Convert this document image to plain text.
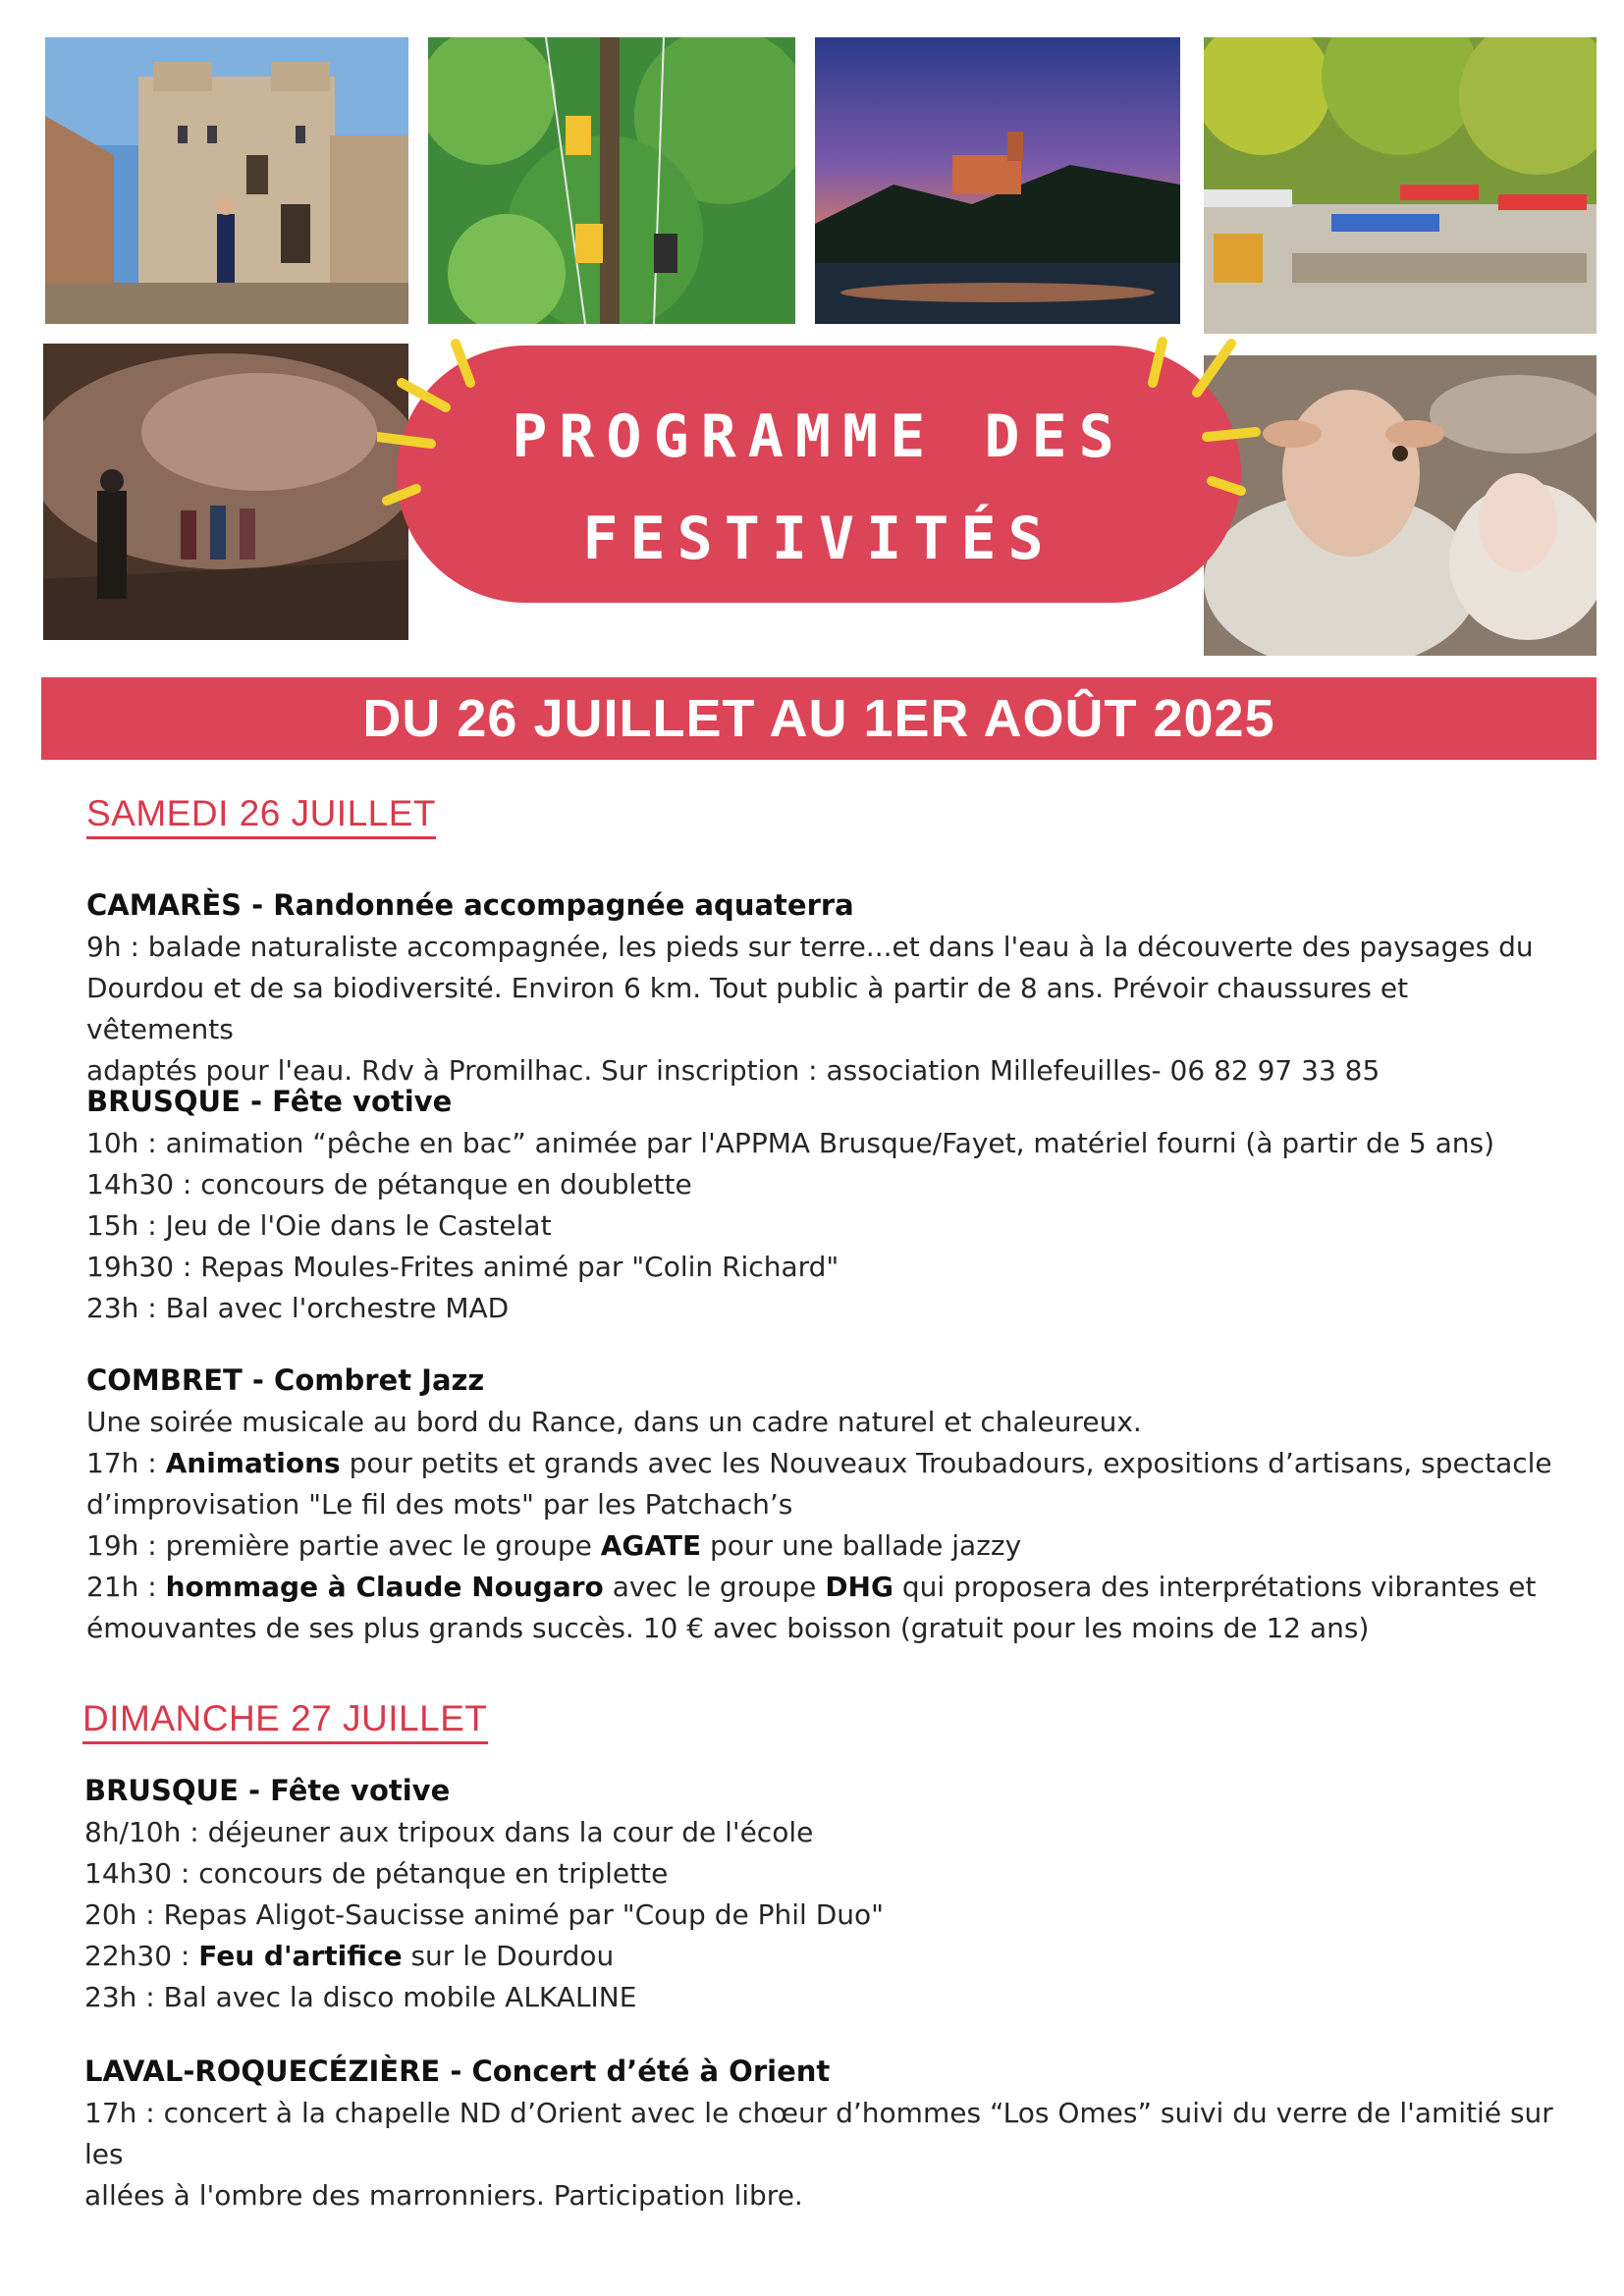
PROGRAMME DES
FESTIVITÉS
DU 26 JUILLET AU 1ER AOÛT 2025
SAMEDI 26 JUILLET
CAMARÈS - Randonnée accompagnée aquaterra
9h : balade naturaliste accompagnée, les pieds sur terre...et dans l'eau à la découverte des paysages du
Dourdou et de sa biodiversité. Environ 6 km. Tout public à partir de 8 ans. Prévoir chaussures et vêtements
adaptés pour l'eau. Rdv à Promilhac. Sur inscription : association Millefeuilles- 06 82 97 33 85
BRUSQUE - Fête votive
10h : animation “pêche en bac” animée par l'APPMA Brusque/Fayet, matériel fourni (à partir de 5 ans)
14h30 : concours de pétanque en doublette
15h : Jeu de l'Oie dans le Castelat
19h30 : Repas Moules-Frites animé par "Colin Richard"
23h : Bal avec l'orchestre MAD
COMBRET - Combret Jazz
Une soirée musicale au bord du Rance, dans un cadre naturel et chaleureux.
17h : Animations pour petits et grands avec les Nouveaux Troubadours, expositions d’artisans, spectacle
d’improvisation "Le fil des mots" par les Patchach’s
19h : première partie avec le groupe AGATE pour une ballade jazzy
21h : hommage à Claude Nougaro avec le groupe DHG qui proposera des interprétations vibrantes et
émouvantes de ses plus grands succès. 10 € avec boisson (gratuit pour les moins de 12 ans)
DIMANCHE 27 JUILLET
BRUSQUE - Fête votive
8h/10h : déjeuner aux tripoux dans la cour de l'école
14h30 : concours de pétanque en triplette
20h : Repas Aligot-Saucisse animé par "Coup de Phil Duo"
22h30 : Feu d'artifice sur le Dourdou
23h : Bal avec la disco mobile ALKALINE
LAVAL-ROQUECÉZIÈRE - Concert d’été à Orient
17h : concert à la chapelle ND d’Orient avec le chœur d’hommes “Los Omes” suivi du verre de l'amitié sur les
allées à l'ombre des marronniers. Participation libre.
